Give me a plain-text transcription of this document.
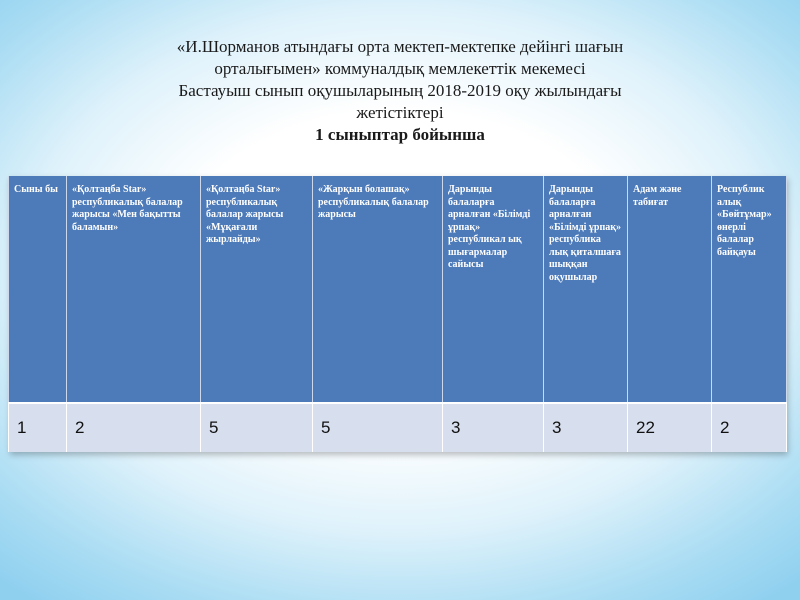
«И.Шорманов атындағы орта мектеп-мектепке дейінгі шағын
орталығымен» коммуналдық мемлекеттік мекемесі
Бастауыш сынып оқушыларының 2018-2019 оқу жылындағы
жетістіктері
1 сыныптар бойынша
Сыны бы	«Қолтаңба Star» республикалық балалар жарысы «Мен бақытты баламын»	«Қолтаңба Star» республикалық балалар жарысы «Мұқағали жырлайды»	«Жарқын болашақ» республикалық балалар жарысы	Дарынды балаларға арналған «Білімді ұрпақ» республикал ық шығармалар сайысы	Дарынды балаларға арналған «Білімді ұрпақ» республика лық қиталшаға шыққан оқушылар	Адам және табиғат	Республик алық «Бөйтұмар» өнерлі балалар байқауы
1	2	5	5	3	3	22	2
